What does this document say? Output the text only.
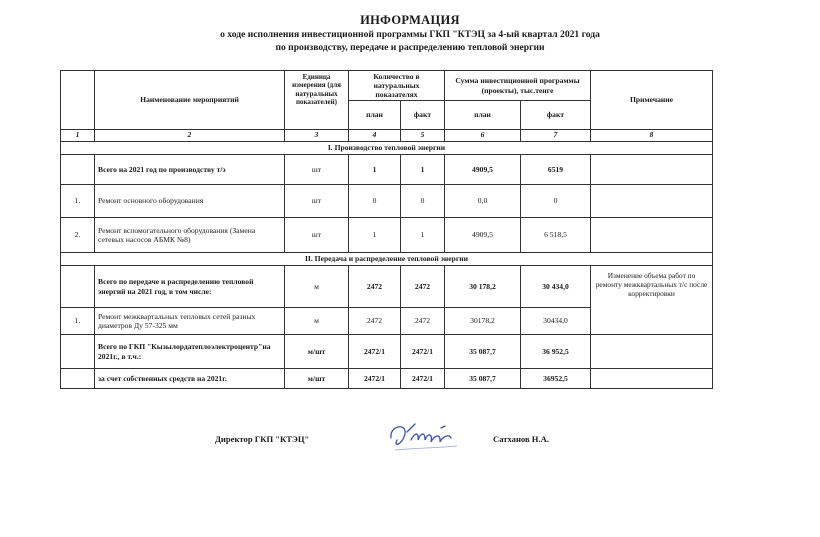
ИНФОРМАЦИЯ
о ходе исполнения инвестиционной программы ГКП "КТЭЦ за 4-ый квартал 2021 года
по производству, передаче и распределению тепловой энергии
	Наименование мероприятий	Единица измерения (для натуральных показателей)	Количество в натуральных показателях		Сумма инвестиционной программы (проекты), тыс.тенге		Примечание
			план	факт	план	факт	
1	2	3	4	5	6	7	8
I. Производство тепловой энергии							
	Всего на 2021 год по производству т/э	шт	1	1	4909,5	6519	
1.	Ремонт основного оборудования	шт	0	0	0,0	0	
2.	Ремонт вспомогательного оборудования (Замена сетевых насосов АБМК №8)	шт	1	1	4909,5	6 518,5	
II. Передача и распределение тепловой энергии							
	Всего по передаче и распределению тепловой энергий на 2021 год, в том числе:	м	2472	2472	30 178,2	30 434,0	Изменение объема работ по ремонту межквартальных т/с после корректировки
1.	Ремонт межквартальных тепловых сетей разных диаметров Ду 57-325 мм	м	2472	2472	30178,2	30434,0	
	Всего по ГКП "Кызылордатеплоэлектроцентр"на 2021г., в т.ч.:	м/шт	2472/1	2472/1	35 087,7	36 952,5	
	за счет собственных средств на 2021г.	м/шт	2472/1	2472/1	35 087,7	36952,5	
Директор ГКП "КТЭЦ"	Сатханов Н.А.
